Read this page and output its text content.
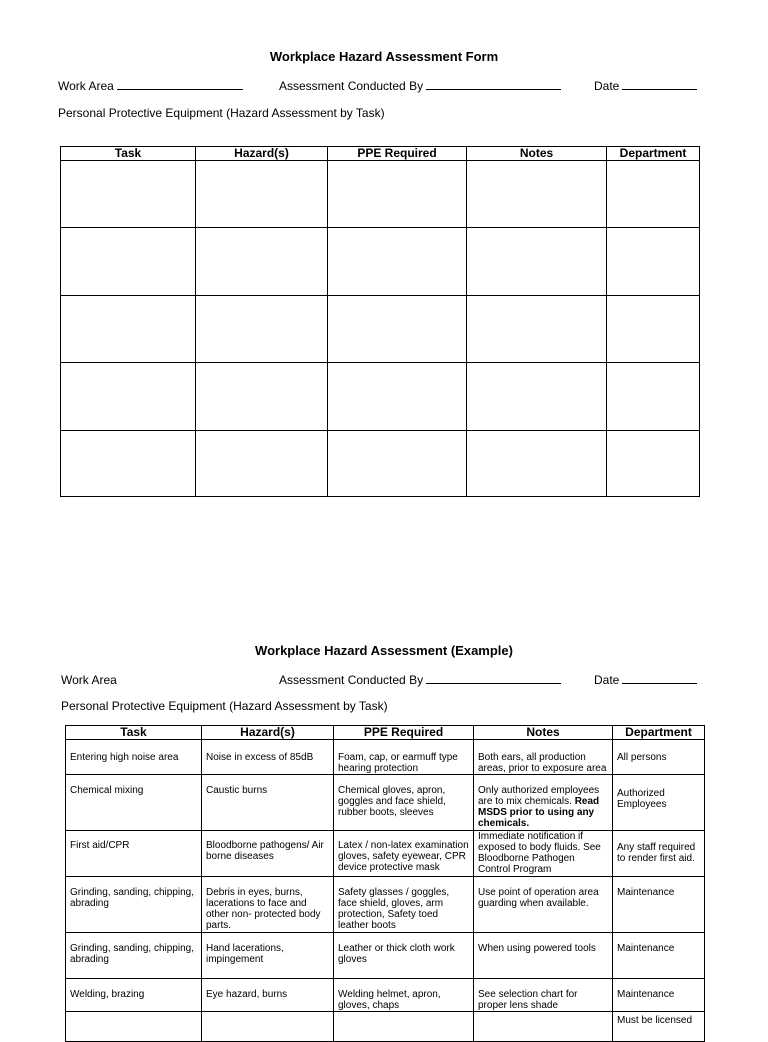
Workplace Hazard Assessment Form
Work Area	Assessment Conducted By	Date
Personal Protective Equipment (Hazard Assessment by Task)
Task	Hazard(s)	PPE Required	Notes	Department

Workplace Hazard Assessment (Example)
Work Area	Assessment Conducted By	Date
Personal Protective Equipment (Hazard Assessment by Task)
Task	Hazard(s)	PPE Required	Notes	Department
Entering high noise area	Noise in excess of 85dB	Foam, cap, or earmuff type hearing protection	Both ears, all production areas, prior to exposure area	All persons
Chemical mixing	Caustic burns	Chemical gloves, apron, goggles and face shield, rubber boots, sleeves	Only authorized employees are to mix chemicals. Read MSDS prior to using any chemicals.	Authorized Employees
First aid/CPR	Bloodborne pathogens/ Air borne diseases	Latex / non-latex examination gloves, safety eyewear, CPR device protective mask	Immediate notification if exposed to body fluids. See Bloodborne Pathogen Control Program	Any staff required to render first aid.
Grinding, sanding, chipping, abrading	Debris in eyes, burns, lacerations to face and other non- protected body parts.	Safety glasses / goggles, face shield, gloves, arm protection, Safety toed leather boots	Use point of operation area guarding when available.	Maintenance
Grinding, sanding, chipping, abrading	Hand lacerations, impingement	Leather or thick cloth work gloves	When using powered tools	Maintenance
Welding, brazing	Eye hazard, burns	Welding helmet, apron, gloves, chaps	See selection chart for proper lens shade	Maintenance
				Must be licensed
